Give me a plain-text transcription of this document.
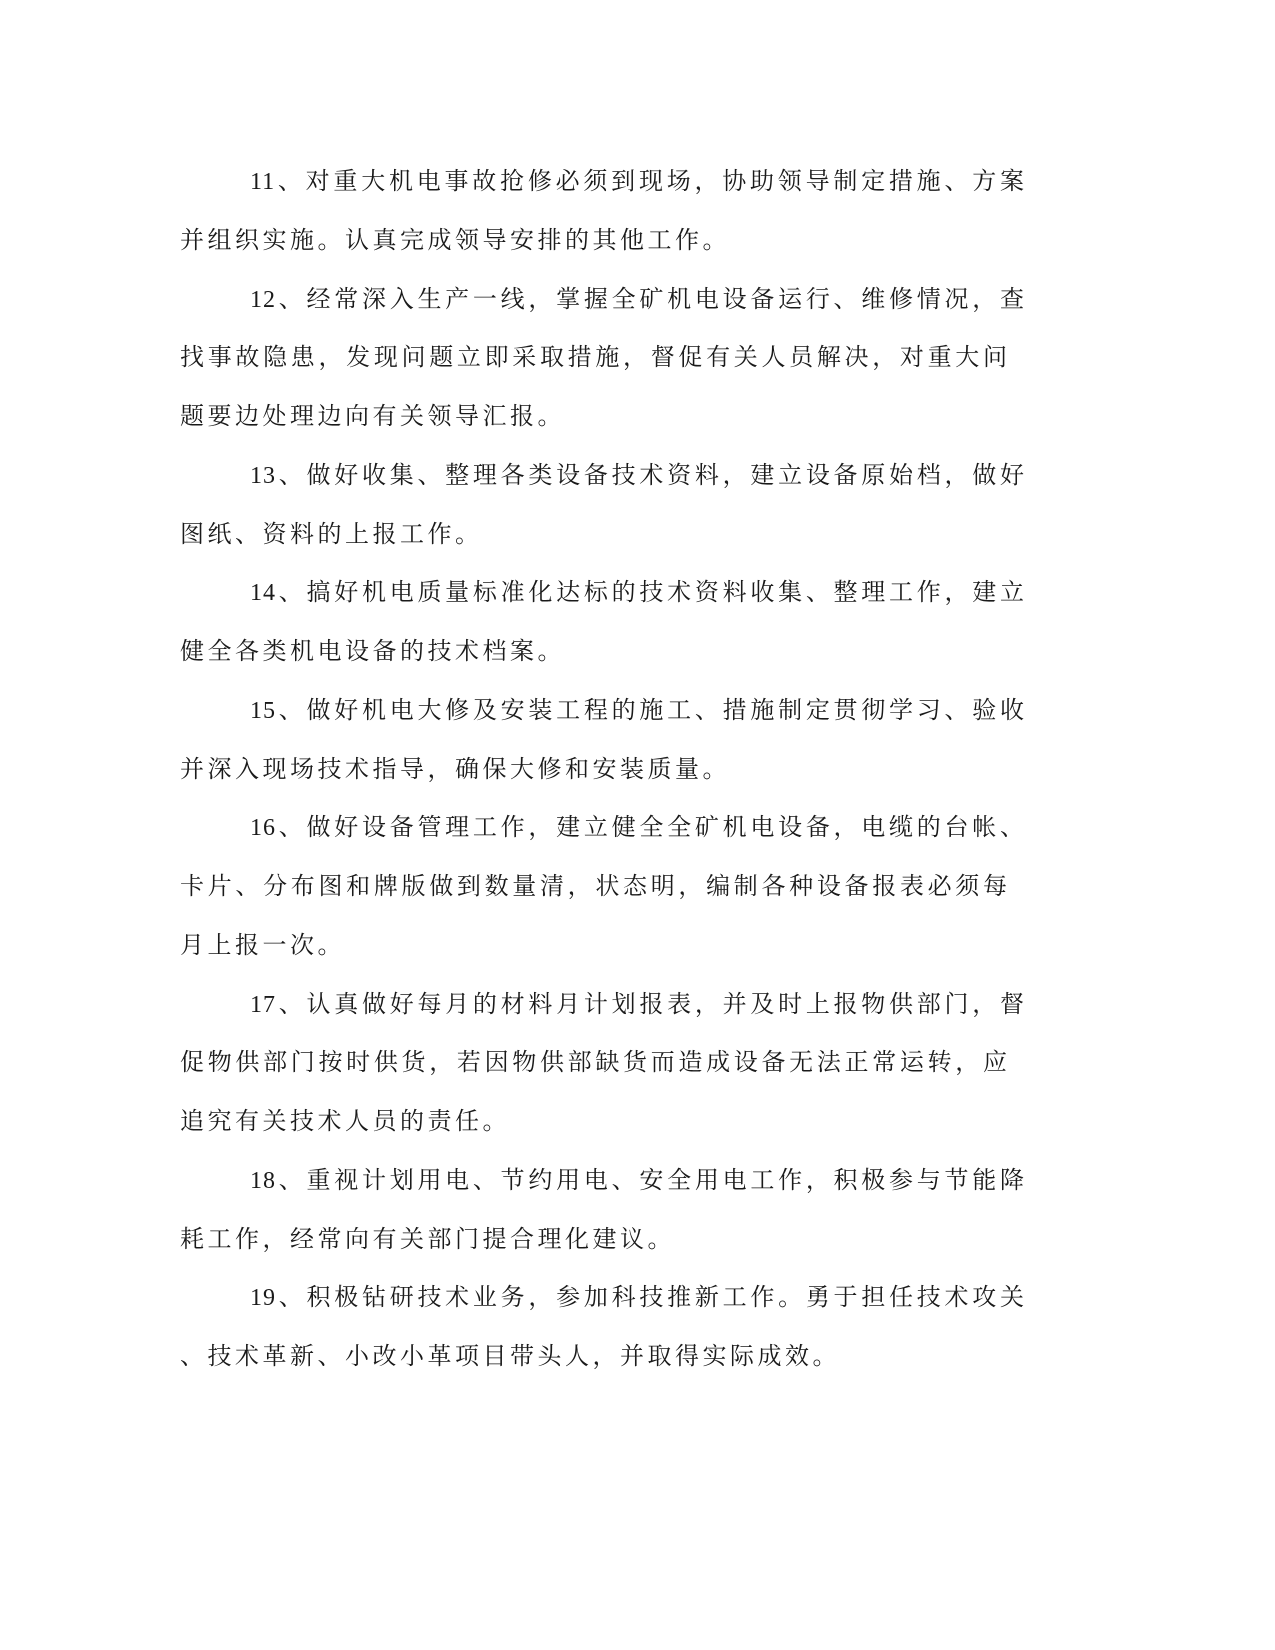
11、对重大机电事故抢修必须到现场，协助领导制定措施、方案
并组织实施。认真完成领导安排的其他工作。
12、经常深入生产一线，掌握全矿机电设备运行、维修情况，查
找事故隐患，发现问题立即采取措施，督促有关人员解决，对重大问
题要边处理边向有关领导汇报。
13、做好收集、整理各类设备技术资料，建立设备原始档，做好
图纸、资料的上报工作。
14、搞好机电质量标准化达标的技术资料收集、整理工作，建立
健全各类机电设备的技术档案。
15、做好机电大修及安装工程的施工、措施制定贯彻学习、验收
并深入现场技术指导，确保大修和安装质量。
16、做好设备管理工作，建立健全全矿机电设备，电缆的台帐、
卡片、分布图和牌版做到数量清，状态明，编制各种设备报表必须每
月上报一次。
17、认真做好每月的材料月计划报表，并及时上报物供部门，督
促物供部门按时供货，若因物供部缺货而造成设备无法正常运转，应
追究有关技术人员的责任。
18、重视计划用电、节约用电、安全用电工作，积极参与节能降
耗工作，经常向有关部门提合理化建议。
19、积极钻研技术业务，参加科技推新工作。勇于担任技术攻关
、技术革新、小改小革项目带头人，并取得实际成效。
